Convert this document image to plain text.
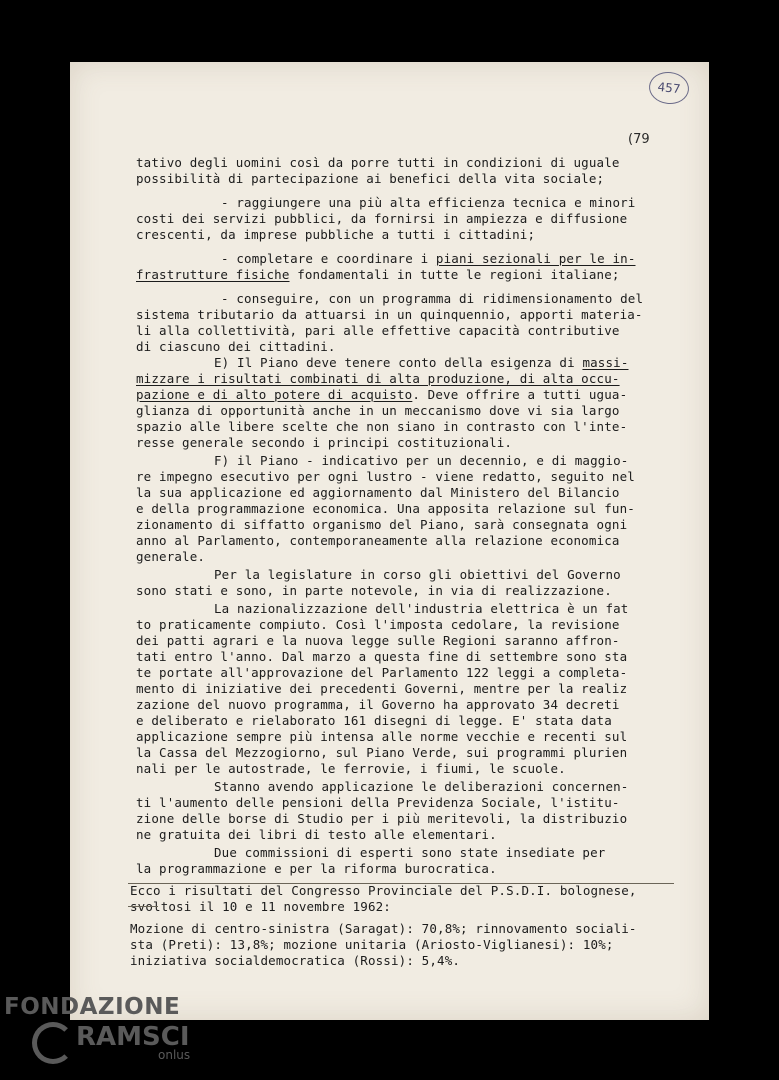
457
(79
tativo degli uomini così da porre tutti in condizioni di uguale
possibilità di partecipazione ai benefici della vita sociale;
- raggiungere una più alta efficienza tecnica e minori
costi dei servizi pubblici, da fornirsi in ampiezza e diffusione
crescenti, da imprese pubbliche a tutti i cittadini;
- completare e coordinare i piani sezionali per le in-
frastrutture fisiche fondamentali in tutte le regioni italiane;
- conseguire, con un programma di ridimensionamento del
sistema tributario da attuarsi in un quinquennio, apporti materia-
li alla collettività, pari alle effettive capacità contributive
di ciascuno dei cittadini.
E) Il Piano deve tenere conto della esigenza di massi-
mizzare i risultati combinati di alta produzione, di alta occu-
pazione e di alto potere di acquisto. Deve offrire a tutti ugua-
glianza di opportunità anche in un meccanismo dove vi sia largo
spazio alle libere scelte che non siano in contrasto con l'inte-
resse generale secondo i principi costituzionali.
F) il Piano - indicativo per un decennio, e di maggio-
re impegno esecutivo per ogni lustro - viene redatto, seguito nel
la sua applicazione ed aggiornamento dal Ministero del Bilancio
e della programmazione economica. Una apposita relazione sul fun-
zionamento di siffatto organismo del Piano, sarà consegnata ogni
anno al Parlamento, contemporaneamente alla relazione economica
generale.
Per la legislature in corso gli obiettivi del Governo
sono stati e sono, in parte notevole, in via di realizzazione.
La nazionalizzazione dell'industria elettrica è un fat
to praticamente compiuto. Così l'imposta cedolare, la revisione
dei patti agrari e la nuova legge sulle Regioni saranno affron-
tati entro l'anno. Dal marzo a questa fine di settembre sono sta
te portate all'approvazione del Parlamento 122 leggi a completa-
mento di iniziative dei precedenti Governi, mentre per la realiz
zazione del nuovo programma, il Governo ha approvato 34 decreti
e deliberato e rielaborato 161 disegni di legge. E' stata data
applicazione sempre più intensa alle norme vecchie e recenti sul
la Cassa del Mezzogiorno, sul Piano Verde, sui programmi plurien
nali per le autostrade, le ferrovie, i fiumi, le scuole.
Stanno avendo applicazione le deliberazioni concernen-
ti l'aumento delle pensioni della Previdenza Sociale, l'istitu-
zione delle borse di Studio per i più meritevoli, la distribuzio
ne gratuita dei libri di testo alle elementari.
Due commissioni di esperti sono state insediate per
la programmazione e per la riforma burocratica.
Ecco i risultati del Congresso Provinciale del P.S.D.I. bolognese,
svoltosi il 10 e 11 novembre 1962:
Mozione di centro-sinistra (Saragat): 70,8%; rinnovamento sociali-
sta (Preti): 13,8%; mozione unitaria (Ariosto-Viglianesi): 10%;
iniziativa socialdemocratica (Rossi): 5,4%.
FONDAZIONE
RAMSCI
onlus
